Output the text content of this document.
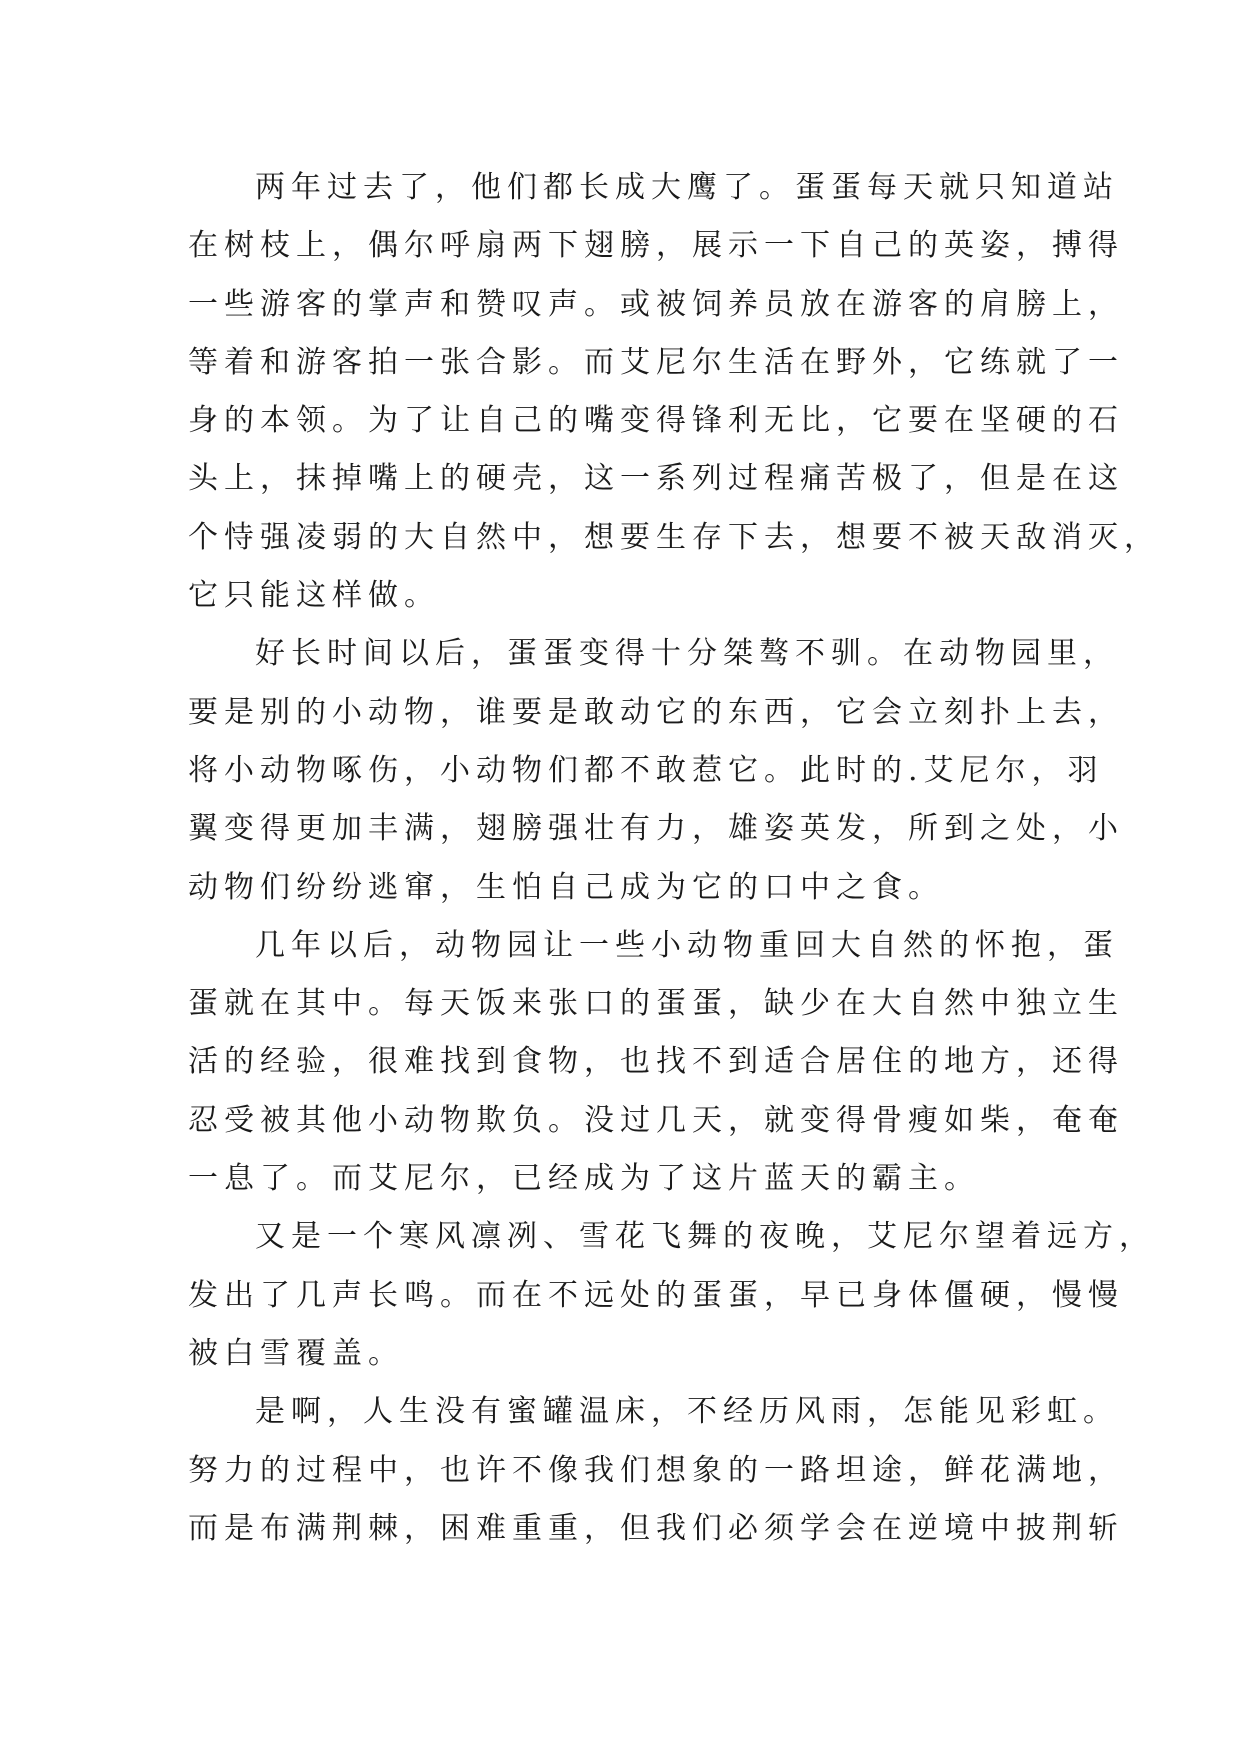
两年过去了，他们都长成大鹰了。蛋蛋每天就只知道站
在树枝上，偶尔呼扇两下翅膀，展示一下自己的英姿，搏得
一些游客的掌声和赞叹声。或被饲养员放在游客的肩膀上，
等着和游客拍一张合影。而艾尼尔生活在野外，它练就了一
身的本领。为了让自己的嘴变得锋利无比，它要在坚硬的石
头上，抹掉嘴上的硬壳，这一系列过程痛苦极了，但是在这
个恃强凌弱的大自然中，想要生存下去，想要不被天敌消灭，
它只能这样做。
好长时间以后，蛋蛋变得十分桀骜不驯。在动物园里，
要是别的小动物，谁要是敢动它的东西，它会立刻扑上去，
将小动物啄伤，小动物们都不敢惹它。此时的.艾尼尔，羽
翼变得更加丰满，翅膀强壮有力，雄姿英发，所到之处，小
动物们纷纷逃窜，生怕自己成为它的口中之食。
几年以后，动物园让一些小动物重回大自然的怀抱，蛋
蛋就在其中。每天饭来张口的蛋蛋，缺少在大自然中独立生
活的经验，很难找到食物，也找不到适合居住的地方，还得
忍受被其他小动物欺负。没过几天，就变得骨瘦如柴，奄奄
一息了。而艾尼尔，已经成为了这片蓝天的霸主。
又是一个寒风凛冽、雪花飞舞的夜晚，艾尼尔望着远方，
发出了几声长鸣。而在不远处的蛋蛋，早已身体僵硬，慢慢
被白雪覆盖。
是啊，人生没有蜜罐温床，不经历风雨，怎能见彩虹。
努力的过程中，也许不像我们想象的一路坦途，鲜花满地，
而是布满荆棘，困难重重，但我们必须学会在逆境中披荆斩
